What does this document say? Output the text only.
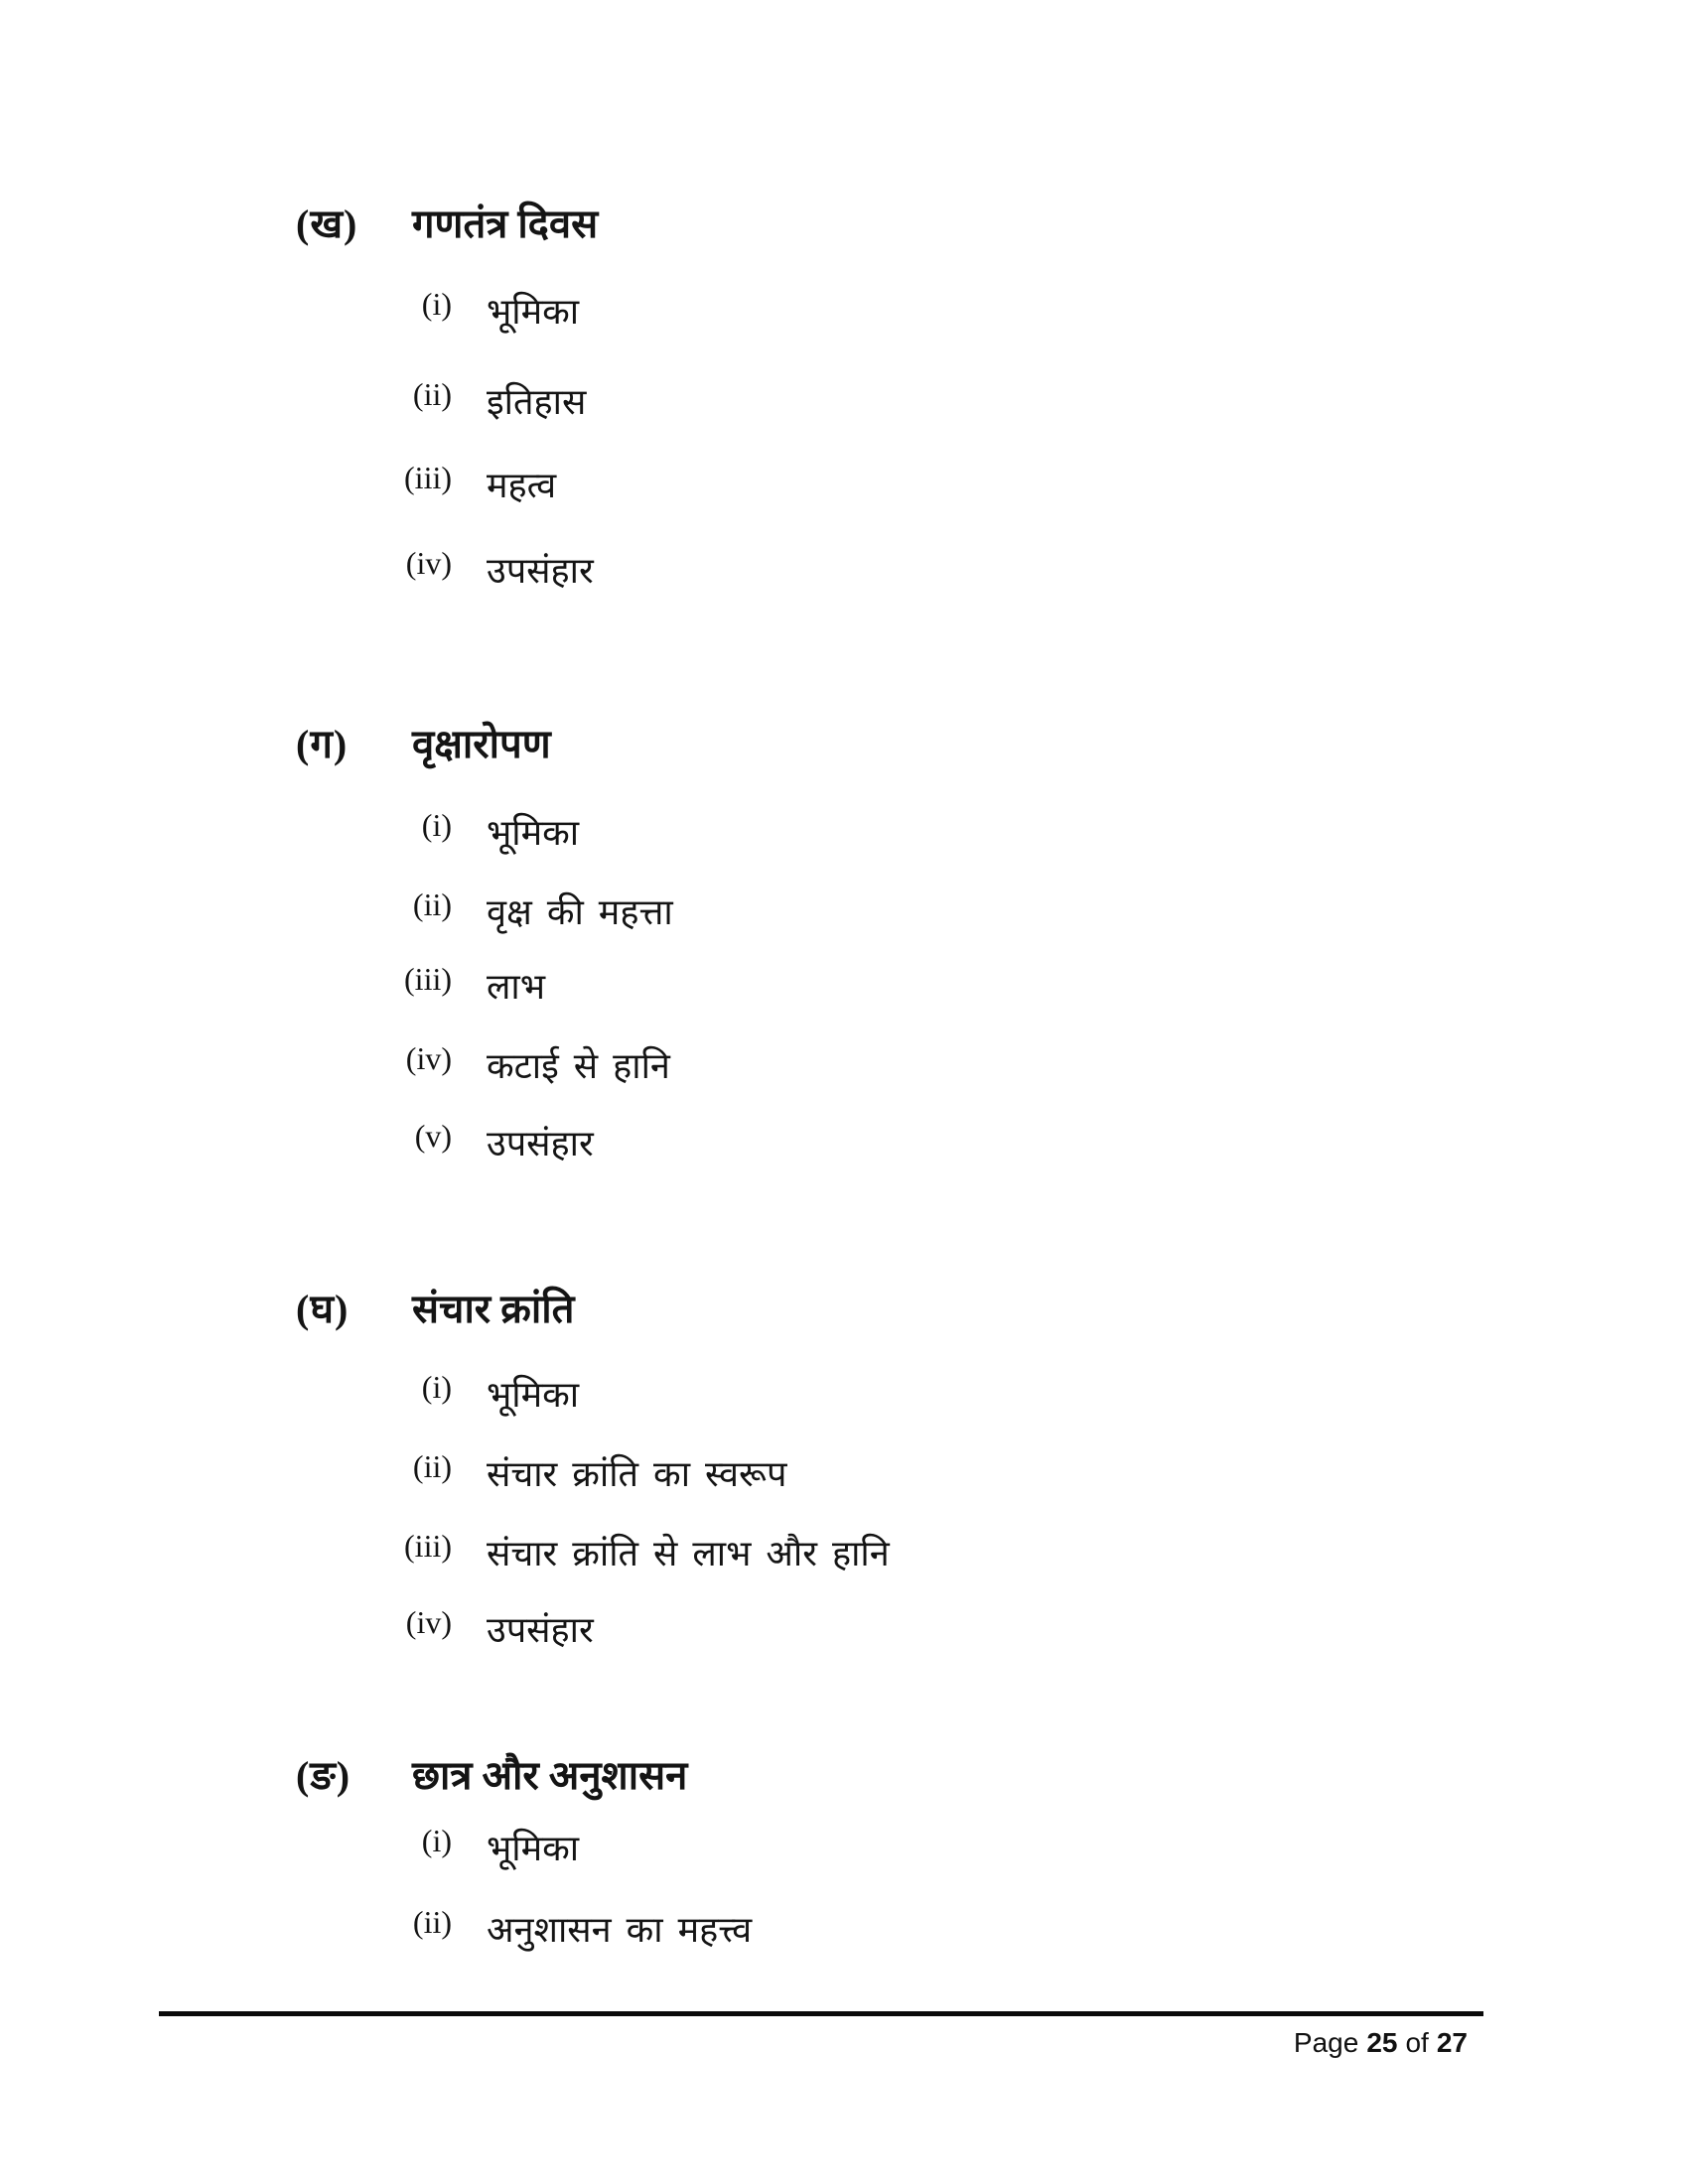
(ख)	गणतंत्र दिवस
(i) भूमिका
(ii) इतिहास
(iii) महत्व
(iv) उपसंहार
(ग)	वृक्षारोपण
(i) भूमिका
(ii) वृक्ष की महत्ता
(iii) लाभ
(iv) कटाई से हानि
(v) उपसंहार
(घ)	संचार क्रांति
(i) भूमिका
(ii) संचार क्रांति का स्वरूप
(iii) संचार क्रांति से लाभ और हानि
(iv) उपसंहार
(ङ)	छात्र और अनुशासन
(i) भूमिका
(ii) अनुशासन का महत्त्व
Page 25 of 27
